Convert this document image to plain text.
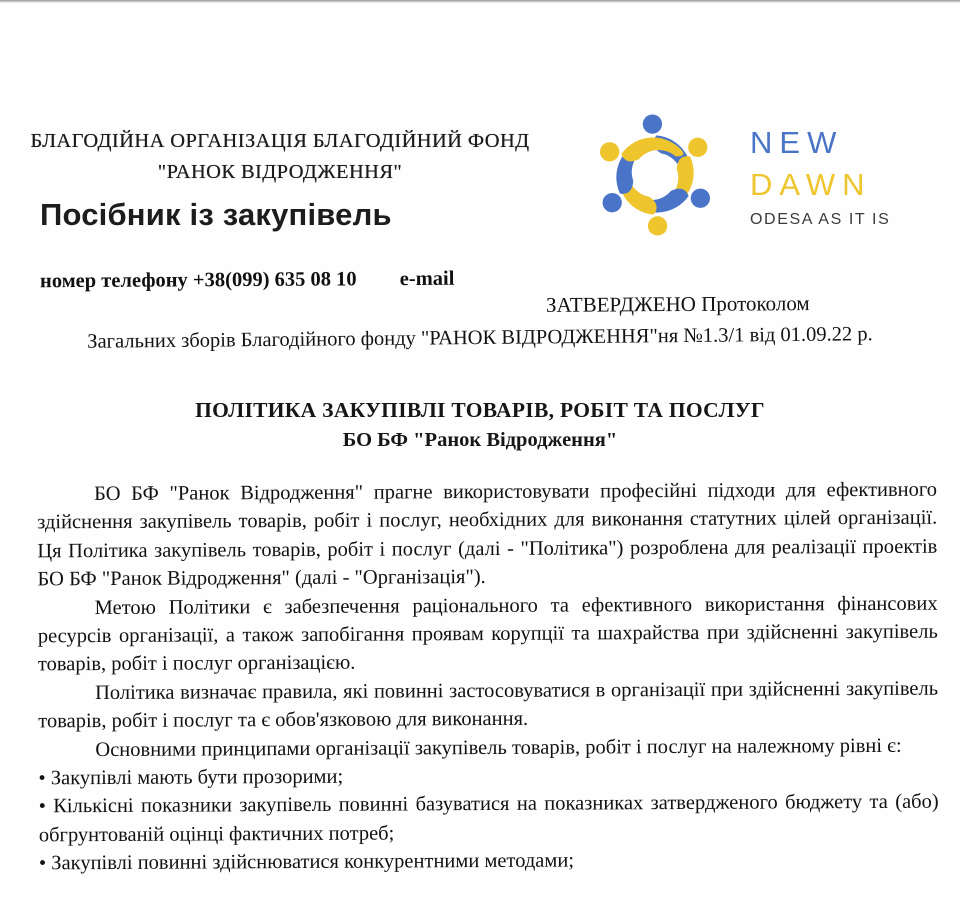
БЛАГОДІЙНА ОРГАНІЗАЦІЯ БЛАГОДІЙНИЙ ФОНД
"РАНОК ВІДРОДЖЕННЯ"
Посібник із закупівель
номер телефону +38(099) 635 08 10 e-mail
NEW
DAWN
ODESA AS IT IS
ЗАТВЕРДЖЕНО Протоколом
Загальних зборів Благодійного фонду "РАНОК ВІДРОДЖЕННЯ"ня №1.3/1 від 01.09.22 р.
ПОЛІТИКА ЗАКУПІВЛІ ТОВАРІВ, РОБІТ ТА ПОСЛУГ
БО БФ "Ранок Відродження"

БО БФ "Ранок Відродження" прагне використовувати професійні підходи для ефективного здійснення закупівель товарів, робіт і послуг, необхідних для виконання статутних цілей організації. Ця Політика закупівель товарів, робіт і послуг (далі - "Політика") розроблена для реалізації проектів БО БФ "Ранок Відродження" (далі - "Організація").

Метою Політики є забезпечення раціонального та ефективного використання фінансових ресурсів організації, а також запобігання проявам корупції та шахрайства при здійсненні закупівель товарів, робіт і послуг організацією.

Політика визначає правила, які повинні застосовуватися в організації при здійсненні закупівель товарів, робіт і послуг та є обов'язковою для виконання.

Основними принципами організації закупівель товарів, робіт і послуг на належному рівні є:

• Закупівлі мають бути прозорими;

• Кількісні показники закупівель повинні базуватися на показниках затвердженого бюджету та (або) обгрунтованій оцінці фактичних потреб;

• Закупівлі повинні здійснюватися конкурентними методами;
